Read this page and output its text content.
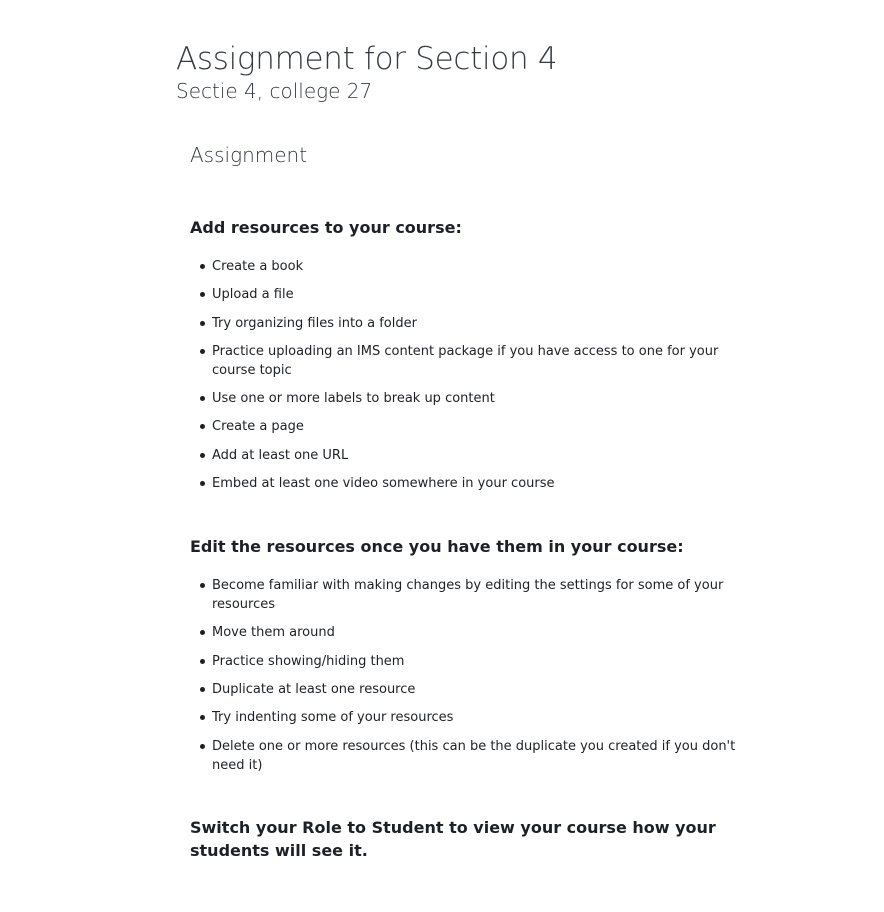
Assignment for Section 4
Sectie 4, college 27
Assignment
Add resources to your course:
Create a book
Upload a file
Try organizing files into a folder
Practice uploading an IMS content package if you have access to one for your course topic
Use one or more labels to break up content
Create a page
Add at least one URL
Embed at least one video somewhere in your course
Edit the resources once you have them in your course:
Become familiar with making changes by editing the settings for some of your resources
Move them around
Practice showing/hiding them
Duplicate at least one resource
Try indenting some of your resources
Delete one or more resources (this can be the duplicate you created if you don't need it)
Switch your Role to Student to view your course how your students will see it.
